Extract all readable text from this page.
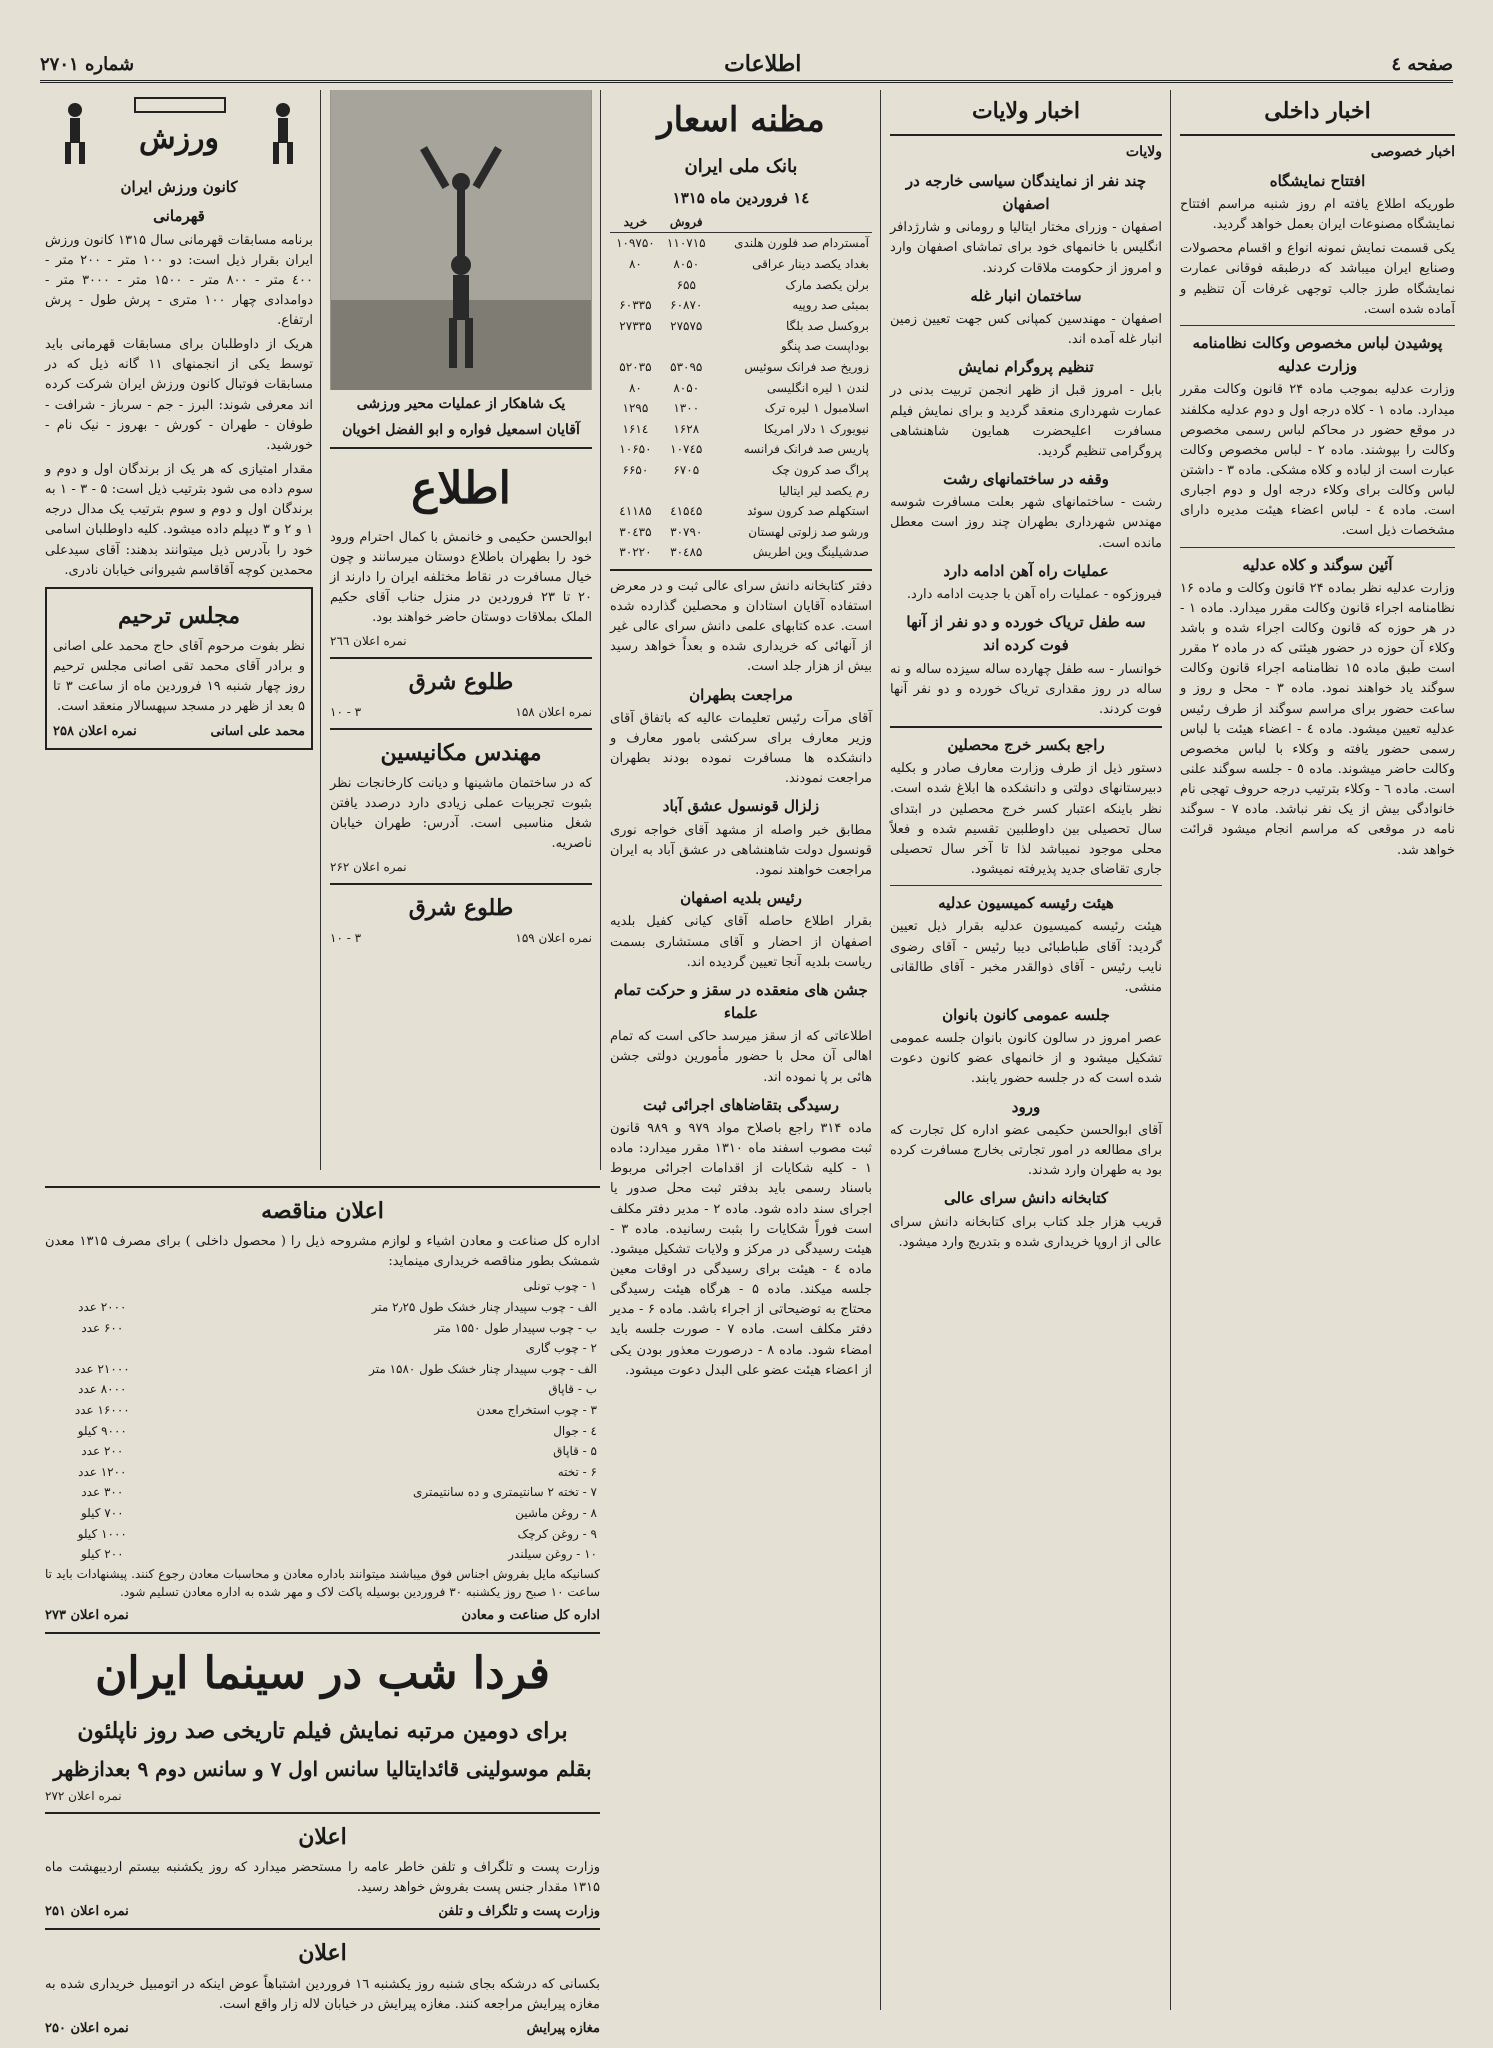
صفحه ٤
اطلاعات
شماره ۲۷۰۱
اخبار داخلی
اخبار خصوصی
افتتاح نمایشگاه

طوریکه اطلاع یافته ام روز شنبه مراسم افتتاح نمایشگاه مصنوعات ایران بعمل خواهد گردید.

یکی قسمت نمایش نمونه انواع و اقسام محصولات وصنایع ایران میباشد که درطبقه فوقانی عمارت نمایشگاه طرز جالب توجهی غرفات آن تنظیم و آماده شده است.

پوشیدن لباس مخصوص وکالت نظامنامه وزارت عدلیه

وزارت عدلیه بموجب ماده ۲۴ قانون وکالت مقرر میدارد. ماده ۱ - کلاه درجه اول و دوم عدلیه مکلفند در موقع حضور در محاکم لباس رسمی مخصوص وکالت را بپوشند. ماده ۲ - لباس مخصوص وکالت عبارت است از لباده و کلاه مشکی. ماده ۳ - داشتن لباس وکالت برای وکلاء درجه اول و دوم اجباری است. ماده ٤ - لباس اعضاء هیئت مدیره دارای مشخصات ذیل است.

آئین سوگند و کلاه عدلیه

وزارت عدلیه نظر بماده ۲۴ قانون وکالت و ماده ۱۶ نظامنامه اجراء قانون وکالت مقرر میدارد. ماده ۱ - در هر حوزه که قانون وکالت اجراء شده و باشد وکلاء آن حوزه در حضور هیئتی که در ماده ۲ مقرر است طبق ماده ۱۵ نظامنامه اجراء قانون وکالت سوگند یاد خواهند نمود. ماده ۳ - محل و روز و ساعت حضور برای مراسم سوگند از طرف رئیس عدلیه تعیین میشود. ماده ٤ - اعضاء هیئت با لباس رسمی حضور یافته و وکلاء با لباس مخصوص وکالت حاضر میشوند. ماده ٥ - جلسه سوگند علنی است. ماده ٦ - وکلاء بترتیب درجه حروف تهجی نام خانوادگی بیش از یک نفر نباشد. ماده ۷ - سوگند نامه در موقعی که مراسم انجام میشود قرائت خواهد شد.

اخبار ولایات
ولایات
چند نفر از نمایندگان سیاسی خارجه در اصفهان

اصفهان - وزرای مختار ایتالیا و رومانی و شارژدافر انگلیس با خانمهای خود برای تماشای اصفهان وارد و امروز از حکومت ملاقات کردند.

ساختمان انبار غله

اصفهان - مهندسین کمپانی کس جهت تعیین زمین انبار غله آمده اند.

تنظیم پروگرام نمایش

بابل - امروز قبل از ظهر انجمن تربیت بدنی در عمارت شهرداری منعقد گردید و برای نمایش فیلم مسافرت اعلیحضرت همایون شاهنشاهی پروگرامی تنظیم گردید.

وقفه در ساختمانهای رشت

رشت - ساختمانهای شهر بعلت مسافرت شوسه مهندس شهرداری بطهران چند روز است معطل مانده است.

عملیات راه آهن ادامه دارد

فیروزکوه - عملیات راه آهن با جدیت ادامه دارد.

سه طفل تریاک خورده و دو نفر از آنها فوت کرده اند

خوانسار - سه طفل چهارده ساله سیزده ساله و نه ساله در روز مقداری تریاک خورده و دو نفر آنها فوت کردند.

راجع بکسر خرج محصلین

دستور ذیل از طرف وزارت معارف صادر و بکلیه دبیرستانهای دولتی و دانشکده ها ابلاغ شده است. نظر باینکه اعتبار کسر خرج محصلین در ابتدای سال تحصیلی بین داوطلبین تقسیم شده و فعلاً محلی موجود نمیباشد لذا تا آخر سال تحصیلی جاری تقاضای جدید پذیرفته نمیشود.

هیئت رئیسه کمیسیون عدلیه

هیئت رئیسه کمیسیون عدلیه بقرار ذیل تعیین گردید: آقای طباطبائی دیبا رئیس - آقای رضوی نایب رئیس - آقای ذوالقدر مخبر - آقای طالقانی منشی.

جلسه عمومی کانون بانوان

عصر امروز در سالون کانون بانوان جلسه عمومی تشکیل میشود و از خانمهای عضو کانون دعوت شده است که در جلسه حضور یابند.

ورود

آقای ابوالحسن حکیمی عضو اداره کل تجارت که برای مطالعه در امور تجارتی بخارج مسافرت کرده بود به طهران وارد شدند.

کتابخانه دانش سرای عالی

قریب هزار جلد کتاب برای کتابخانه دانش سرای عالی از اروپا خریداری شده و بتدریج وارد میشود.

مظنه اسعار
بانک ملی ایران
۱٤ فروردین ماه ۱۳۱۵
	فروش	خرید
آمستردام صد فلورن هلندی	۱۱۰۷۱۵	۱۰۹۷۵۰
بغداد یکصد دینار عراقی	۸۰۵۰	۸۰
برلن یکصد مارک	۶۵۵	
بمبئی صد روپیه	۶۰۸۷۰	۶۰۳۳۵
بروکسل صد بلگا	۲۷۵۷۵	۲۷۳۳۵
بوداپست صد پنگو		
زوریخ صد فرانک سوئیس	۵۳۰۹۵	۵۲۰۳۵
لندن ۱ لیره انگلیسی	۸۰۵۰	۸۰
اسلامبول ۱ لیره ترک	۱۳۰۰	۱۲۹۵
نیویورک ۱ دلار امریکا	۱۶۲۸	۱۶۱٤
پاریس صد فرانک فرانسه	۱۰۷٤۵	۱۰۶۵۰
پراگ صد کرون چک	۶۷۰۵	۶۶۵۰
رم یکصد لیر ایتالیا		
استکهلم صد کرون سوئد	٤۱۵٤۵	٤۱۱۸۵
ورشو صد زلوتی لهستان	۳۰۷۹۰	۳۰٤۳۵
صدشیلینگ وین اطریش	۳۰٤۸۵	۳۰۲۲۰

دفتر کتابخانه دانش سرای عالی ثبت و در معرض استفاده آقایان استادان و محصلین گذارده شده است. عده کتابهای علمی دانش سرای عالی غیر از آنهائی که خریداری شده و بعداً خواهد رسید بیش از هزار جلد است.

مراجعت بطهران

آقای مرآت رئیس تعلیمات عالیه که باتفاق آقای وزیر معارف برای سرکشی بامور معارف و دانشکده ها مسافرت نموده بودند بطهران مراجعت نمودند.

زلزال قونسول عشق آباد

مطابق خبر واصله از مشهد آقای خواجه نوری قونسول دولت شاهنشاهی در عشق آباد به ایران مراجعت خواهند نمود.

رئیس بلدیه اصفهان

بقرار اطلاع حاصله آقای کیانی کفیل بلدیه اصفهان از احضار و آقای مستشاری بسمت ریاست بلدیه آنجا تعیین گردیده اند.

جشن های منعقده در سقز و حرکت تمام علماء

اطلاعاتی که از سقز میرسد حاکی است که تمام اهالی آن محل با حضور مأمورین دولتی جشن هائی بر پا نموده اند.

رسیدگی بتقاضاهای اجرائی ثبت

ماده ۳۱۴ راجع باصلاح مواد ۹۷۹ و ۹۸۹ قانون ثبت مصوب اسفند ماه ۱۳۱۰ مقرر میدارد: ماده ۱ - کلیه شکایات از اقدامات اجرائی مربوط باسناد رسمی باید بدفتر ثبت محل صدور یا اجرای سند داده شود. ماده ۲ - مدیر دفتر مکلف است فوراً شکایات را بثبت رسانیده. ماده ۳ - هیئت رسیدگی در مرکز و ولایات تشکیل میشود. ماده ٤ - هیئت برای رسیدگی در اوقات معین جلسه میکند. ماده ۵ - هرگاه هیئت رسیدگی محتاج به توضیحاتی از اجراء باشد. ماده ۶ - مدیر دفتر مکلف است. ماده ۷ - صورت جلسه باید امضاء شود. ماده ۸ - درصورت معذور بودن یکی از اعضاء هیئت عضو علی البدل دعوت میشود.

یک شاهکار از عملیات محیر ورزشی
آقایان اسمعیل فواره و ابو الفضل اخویان
اطلاع

ابوالحسن حکیمی و خانمش با کمال احترام ورود خود را بطهران باطلاع دوستان میرسانند و چون خیال مسافرت در نقاط مختلفه ایران را دارند از ۲۰ تا ۲۳ فروردین در منزل جناب آقای حکیم الملک بملاقات دوستان حاضر خواهند بود.

نمره اعلان ۲٦٦
طلوع شرق
نمره اعلان ۱۵۸
۳ - ۱۰
مهندس مکانیسین

که در ساختمان ماشینها و دیانت کارخانجات نظر بثبوت تجربیات عملی زیادی دارد درصدد یافتن شغل مناسبی است. آدرس: طهران خیابان ناصریه.

نمره اعلان ۲۶۲
طلوع شرق
نمره اعلان ۱۵۹
۳ - ۱۰
ورزش
کانون ورزش ایران
قهرمانی

برنامه مسابقات قهرمانی سال ۱۳۱۵ کانون ورزش ایران بقرار ذیل است: دو ۱۰۰ متر - ۲۰۰ متر - ٤۰۰ متر - ۸۰۰ متر - ۱۵۰۰ متر - ۳۰۰۰ متر - دوامدادی چهار ۱۰۰ متری - پرش طول - پرش ارتفاع.

هریک از داوطلبان برای مسابقات قهرمانی باید توسط یکی از انجمنهای ۱۱ گانه ذیل که در مسابقات فوتبال کانون ورزش ایران شرکت کرده اند معرفی شوند: البرز - جم - سرباز - شرافت - طوفان - طهران - کورش - بهروز - نیک نام - خورشید.

مقدار امتیازی که هر یک از برندگان اول و دوم و سوم داده می شود بترتیب ذیل است: ۵ - ۳ - ۱ به برندگان اول و دوم و سوم بترتیب یک مدال درجه ۱ و ۲ و ۳ دیپلم داده میشود. کلیه داوطلبان اسامی خود را بآدرس ذیل میتوانند بدهند: آقای سیدعلی محمدین کوچه آقاقاسم شیروانی خیابان نادری.

مجلس ترحیم

نظر بفوت مرحوم آقای حاج محمد علی اصانی و برادر آقای محمد تقی اصانی مجلس ترحیم روز چهار شنبه ۱۹ فروردین ماه از ساعت ۳ تا ۵ بعد از ظهر در مسجد سپهسالار منعقد است.

محمد علی اسانی
نمره اعلان ۲۵۸
اعلان مناقصه

اداره کل صناعت و معادن اشیاء و لوازم مشروحه ذیل را ( محصول داخلی ) برای مصرف ۱۳۱۵ معدن شمشک بطور مناقصه خریداری مینماید:

۱ - چوب تونلی	
الف - چوب سپیدار چنار خشک طول ۲٫۲۵ متر	۲۰۰۰ عدد
ب - چوب سپیدار طول ۱۵۵۰ متر	۶۰۰ عدد
۲ - چوب گاری	
الف - چوب سپیدار چنار خشک طول ۱۵۸۰ متر	۲۱۰۰۰ عدد
ب - قاپاق	۸۰۰۰ عدد
۳ - چوب استخراج معدن	۱۶۰۰۰ عدد
٤ - جوال	۹۰۰۰ کیلو
۵ - قاپاق	۲۰۰ عدد
۶ - تخته	۱۲۰۰ عدد
۷ - تخته ۲ سانتیمتری و ده سانتیمتری	۳۰۰ عدد
۸ - روغن ماشین	۷۰۰ کیلو
۹ - روغن کرچک	۱۰۰۰ کیلو
۱۰ - روغن سیلندر	۲۰۰ کیلو

کسانیکه مایل بفروش اجناس فوق میباشند میتوانند باداره معادن و محاسبات معادن رجوع کنند. پیشنهادات باید تا ساعت ۱۰ صبح روز یکشنبه ۳۰ فروردین بوسیله پاکت لاک و مهر شده به اداره معادن تسلیم شود.

اداره کل صناعت و معادن
نمره اعلان ۲۷۳
فردا شب در سینما ایران
برای دومین مرتبه نمایش فیلم تاریخی صد روز ناپلئون
بقلم موسولینی قائدایتالیا سانس اول ۷ و سانس دوم ۹ بعدازظهر
نمره اعلان ۲۷۲
اعلان

وزارت پست و تلگراف و تلفن خاطر عامه را مستحضر میدارد که روز یکشنبه بیستم اردیبهشت ماه ۱۳۱۵ مقدار جنس پست بفروش خواهد رسید.

وزارت پست و تلگراف و تلفن
نمره اعلان ۲۵۱
اعلان

بکسانی که درشکه بجای شنبه روز یکشنبه ۱٦ فروردین اشتباهاً عوض اینکه در اتومبیل خریداری شده به مغازه پیرایش مراجعه کنند. مغازه پیرایش در خیابان لاله زار واقع است.

مغازه پیرایش
نمره اعلان ۲۵۰
